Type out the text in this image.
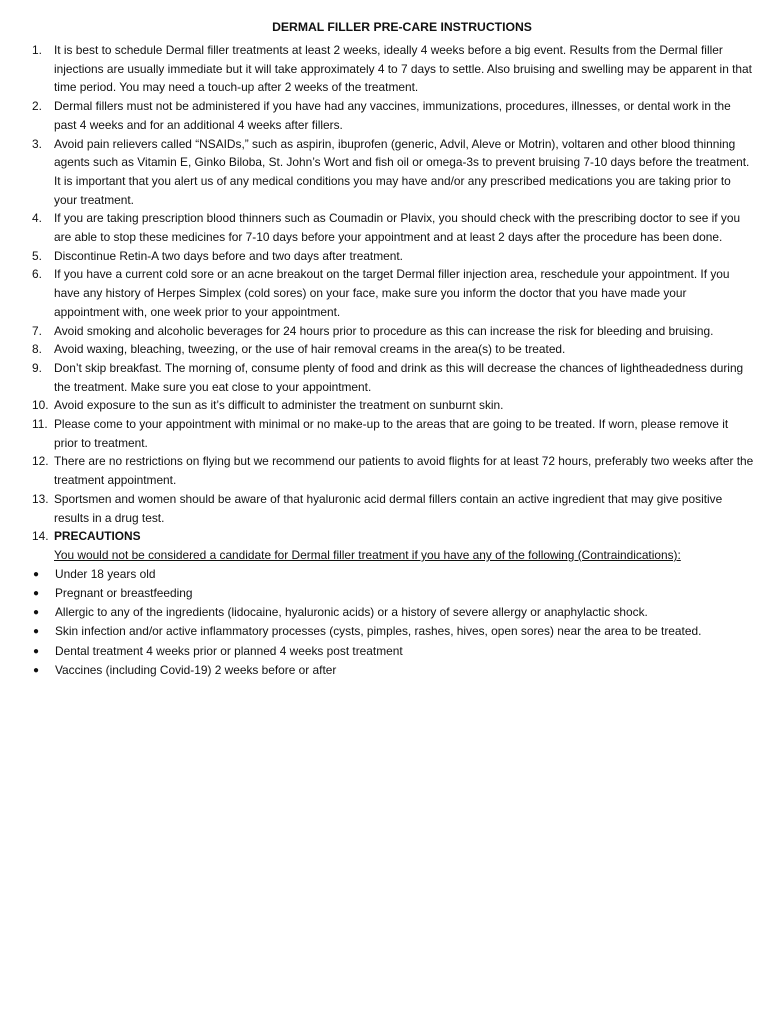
DERMAL FILLER PRE-CARE INSTRUCTIONS
1.	It is best to schedule Dermal filler treatments at least 2 weeks, ideally 4 weeks before a big event. Results from the Dermal filler injections are usually immediate but it will take approximately 4 to 7 days to settle. Also bruising and swelling may be apparent in that time period. You may need a touch-up after 2 weeks of the treatment.
2.	Dermal fillers must not be administered if you have had any vaccines, immunizations, procedures, illnesses, or dental work in the past 4 weeks and for an additional 4 weeks after fillers.
3.	Avoid pain relievers called “NSAIDs,” such as aspirin, ibuprofen (generic, Advil, Aleve or Motrin), voltaren and other blood thinning agents such as Vitamin E, Ginko Biloba, St. John’s Wort and fish oil or omega-3s to prevent bruising 7-10 days before the treatment. It is important that you alert us of any medical conditions you may have and/or any prescribed medications you are taking prior to your treatment.
4.	If you are taking prescription blood thinners such as Coumadin or Plavix, you should check with the prescribing doctor to see if you are able to stop these medicines for 7-10 days before your appointment and at least 2 days after the procedure has been done.
5.	Discontinue Retin-A two days before and two days after treatment.
6.	If you have a current cold sore or an acne breakout on the target Dermal filler injection area, reschedule your appointment. If you have any history of Herpes Simplex (cold sores) on your face, make sure you inform the doctor that you have made your appointment with, one week prior to your appointment.
7.	Avoid smoking and alcoholic beverages for 24 hours prior to procedure as this can increase the risk for bleeding and bruising.
8.	Avoid waxing, bleaching, tweezing, or the use of hair removal creams in the area(s) to be treated.
9.	Don’t skip breakfast. The morning of, consume plenty of food and drink as this will decrease the chances of lightheadedness during the treatment. Make sure you eat close to your appointment.
10. Avoid exposure to the sun as it’s difficult to administer the treatment on sunburnt skin.
11. Please come to your appointment with minimal or no make-up to the areas that are going to be treated. If worn, please remove it prior to treatment.
12. There are no restrictions on flying but we recommend our patients to avoid flights for at least 72 hours, preferably two weeks after the treatment appointment.
13. Sportsmen and women should be aware of that hyaluronic acid dermal fillers contain an active ingredient that may give positive results in a drug test.
14. PRECAUTIONS
You would not be considered a candidate for Dermal filler treatment if you have any of the following (Contraindications):
●	Under 18 years old
●	Pregnant or breastfeeding
●	Allergic to any of the ingredients (lidocaine, hyaluronic acids) or a history of severe allergy or anaphylactic shock.
●	Skin infection and/or active inflammatory processes (cysts, pimples, rashes, hives, open sores) near the area to be treated.
●	Dental treatment 4 weeks prior or planned 4 weeks post treatment
●	Vaccines (including Covid-19) 2 weeks before or after
